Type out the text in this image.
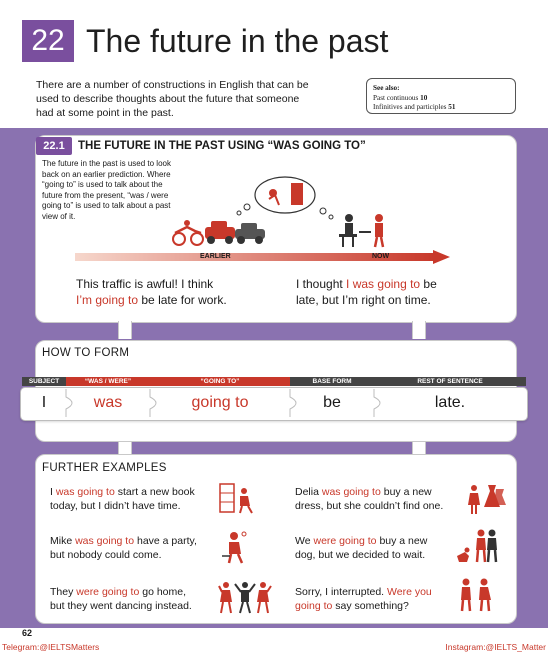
22 The future in the past
There are a number of constructions in English that can be used to describe thoughts about the future that someone had at some point in the past.
See also:
Past continuous 10
Infinitives and participles 51
22.1	THE FUTURE IN THE PAST USING “WAS GOING TO”
The future in the past is used to look back on an earlier prediction. Where “going to” is used to talk about the future from the present, “was / were going to” is used to talk about a past view of it.
EARLIER	NOW
This traffic is awful! I think
I’m going to be late for work.
I thought I was going to be
late, but I’m right on time.
HOW TO FORM
SUBJECT	“WAS / WERE”	“GOING TO”	BASE FORM	REST OF SENTENCE
I	was	going to	be	late.
FURTHER EXAMPLES
I was going to start a new book
today, but I didn’t have time.
Delia was going to buy a new
dress, but she couldn’t find one.
Mike was going to have a party,
but nobody could come.
We were going to buy a new
dog, but we decided to wait.
They were going to go home,
but they went dancing instead.
Sorry, I interrupted. Were you
going to say something?
62
Telegram:@IELTSMatters	Instagram:@IELTS_Matter
